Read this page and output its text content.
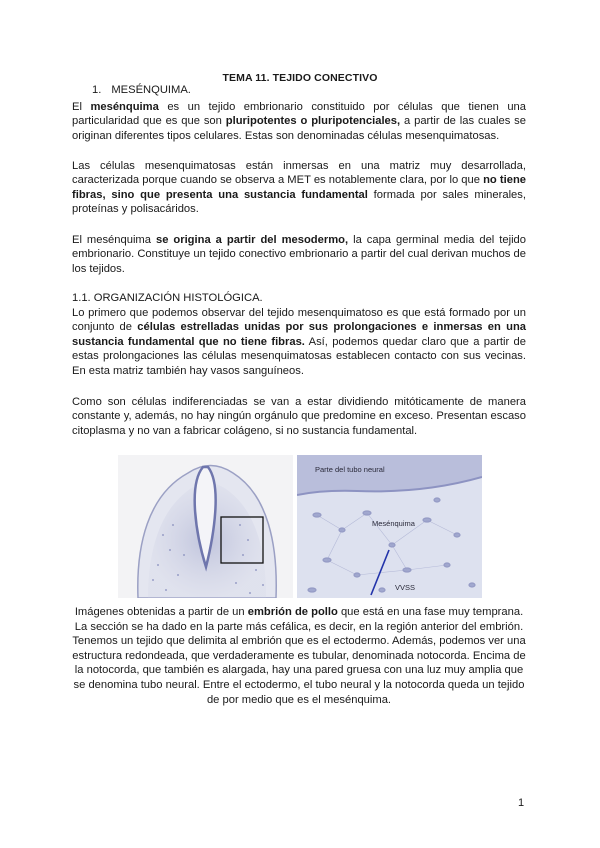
TEMA 11. TEJIDO CONECTIVO
1. MESÉNQUIMA.

El mesénquima es un tejido embrionario constituido por células que tienen una particularidad que es que son pluripotentes o pluripotenciales, a partir de las cuales se originan diferentes tipos celulares. Estas son denominadas células mesenquimatosas.

Las células mesenquimatosas están inmersas en una matriz muy desarrollada, caracterizada porque cuando se observa a MET es notablemente clara, por lo que no tiene fibras, sino que presenta una sustancia fundamental formada por sales minerales, proteínas y polisacáridos.

El mesénquima se origina a partir del mesodermo, la capa germinal media del tejido embrionario. Constituye un tejido conectivo embrionario a partir del cual derivan muchos de los tejidos.

1.1. ORGANIZACIÓN HISTOLÓGICA.

Lo primero que podemos observar del tejido mesenquimatoso es que está formado por un conjunto de células estrelladas unidas por sus prolongaciones e inmersas en una sustancia fundamental que no tiene fibras. Así, podemos quedar claro que a partir de estas prolongaciones las células mesenquimatosas establecen contacto con sus vecinas. En esta matriz también hay vasos sanguíneos.

Como son células indiferenciadas se van a estar dividiendo mitóticamente de manera constante y, además, no hay ningún orgánulo que predomine en exceso. Presentan escaso citoplasma y no van a fabricar colágeno, si no sustancia fundamental.

Parte del tubo neural
Mesénquima
VVSS

Imágenes obtenidas a partir de un embrión de pollo que está en una fase muy temprana. La sección se ha dado en la parte más cefálica, es decir, en la región anterior del embrión. Tenemos un tejido que delimita al embrión que es el ectodermo. Además, podemos ver una estructura redondeada, que verdaderamente es tubular, denominada notocorda. Encima de la notocorda, que también es alargada, hay una pared gruesa con una luz muy amplia que se denomina tubo neural. Entre el ectodermo, el tubo neural y la notocorda queda un tejido de por medio que es el mesénquima.

1
